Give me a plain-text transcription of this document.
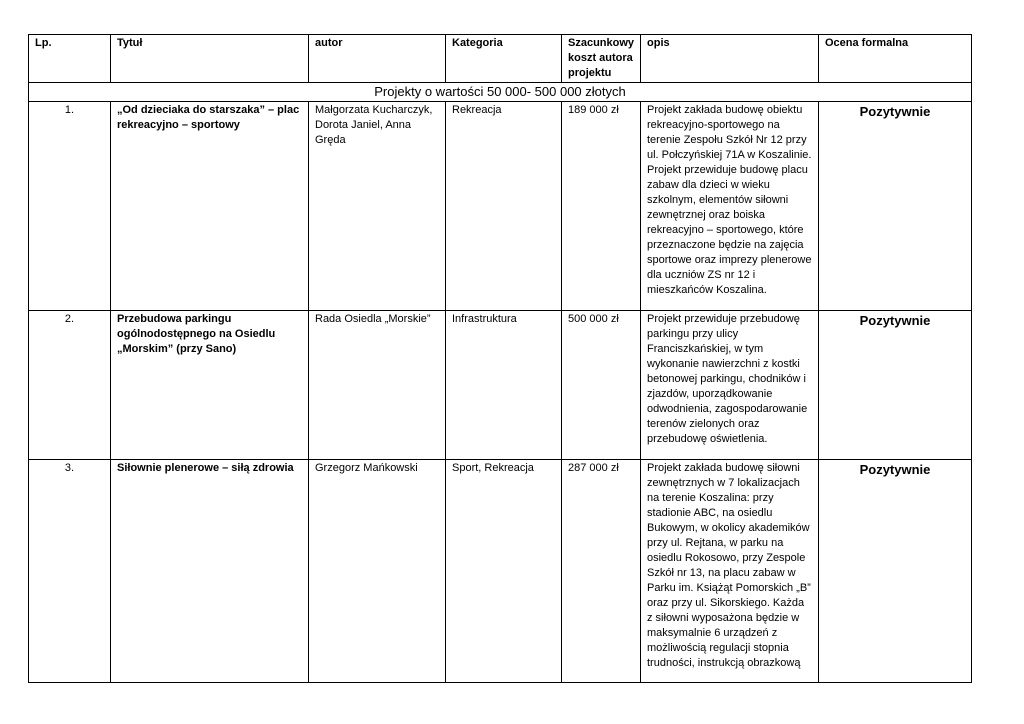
Lp.	Tytuł	autor	Kategoria	Szacunkowy koszt autora projektu	opis	Ocena formalna
Projekty o wartości 50 000- 500 000 złotych						
1.	„Od dzieciaka do starszaka” – plac rekreacyjno – sportowy	Małgorzata Kucharczyk, Dorota Janiel, Anna Gręda	Rekreacja	189 000 zł	Projekt zakłada budowę obiektu rekreacyjno-sportowego na terenie Zespołu Szkół Nr 12 przy ul. Połczyńskiej 71A w Koszalinie. Projekt przewiduje budowę placu zabaw dla dzieci w wieku szkolnym, elementów siłowni zewnętrznej oraz boiska rekreacyjno – sportowego, które przeznaczone będzie na zajęcia sportowe oraz imprezy plenerowe dla uczniów ZS nr 12 i mieszkańców Koszalina.	Pozytywnie
2.	Przebudowa parkingu ogólnodostępnego na Osiedlu „Morskim” (przy Sano)	Rada Osiedla „Morskie”	Infrastruktura	500 000 zł	Projekt przewiduje przebudowę parkingu przy ulicy Franciszkańskiej, w tym wykonanie nawierzchni z kostki betonowej parkingu, chodników i zjazdów, uporządkowanie odwodnienia, zagospodarowanie terenów zielonych oraz przebudowę oświetlenia.	Pozytywnie
3.	Siłownie plenerowe – siłą zdrowia	Grzegorz Mańkowski	Sport, Rekreacja	287 000 zł	Projekt zakłada budowę siłowni zewnętrznych w 7 lokalizacjach na terenie Koszalina: przy stadionie ABC, na osiedlu Bukowym, w okolicy akademików przy ul. Rejtana, w parku na osiedlu Rokosowo, przy Zespole Szkół nr 13, na placu zabaw w Parku im. Książąt Pomorskich „B” oraz przy ul. Sikorskiego. Każda z siłowni wyposażona będzie w maksymalnie 6 urządzeń z możliwością regulacji stopnia trudności, instrukcją obrazkową	Pozytywnie
